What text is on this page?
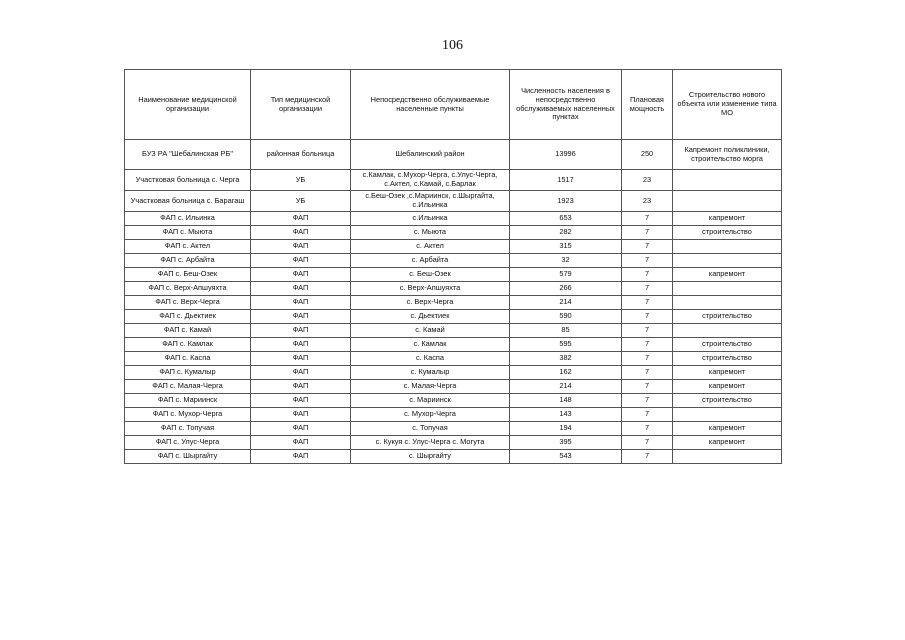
106
Наименование медицинской организации	Тип медицинской организации	Непосредственно обслуживаемые населенные пункты	Численность населения в непосредственно обслуживаемых населенных пунктах	Плановая мощность	Строительство нового объекта или изменение типа МО
БУЗ РА "Шебалинская РБ"	районная больница	Шебалинский район	13996	250	Капремонт поликлиники, строительство морга
Участковая больница с. Черга	УБ	с.Камлак, с.Мухор-Черга, с.Улус-Черга, с.Актел, с.Камай, с.Барлак	1517	23	
Участковая больница с. Барагаш	УБ	с.Беш-Озек ,с.Мариинск, с.Шыргайта, с.Ильинка	1923	23	
ФАП с. Ильинка	ФАП	с.Ильинка	653	7	капремонт
ФАП с. Мыюта	ФАП	с. Мыюта	282	7	строительство
ФАП с. Актел	ФАП	с. Актел	315	7	
ФАП с. Арбайта	ФАП	с. Арбайта	32	7	
ФАП с. Беш-Озек	ФАП	с. Беш-Озек	579	7	капремонт
ФАП с. Верх-Апшуяхта	ФАП	с. Верх-Апшуяхта	266	7	
ФАП с. Верх-Черга	ФАП	с. Верх-Черга	214	7	
ФАП с. Дьектиек	ФАП	с. Дьектиек	590	7	строительство
ФАП с. Камай	ФАП	с. Камай	85	7	
ФАП с. Камлак	ФАП	с. Камлак	595	7	строительство
ФАП с. Каспа	ФАП	с. Каспа	382	7	строительство
ФАП с. Кумалыр	ФАП	с. Кумалыр	162	7	капремонт
ФАП с. Малая-Черга	ФАП	с. Малая-Черга	214	7	капремонт
ФАП с. Мариинск	ФАП	с. Мариинск	148	7	строительство
ФАП с. Мухор-Черга	ФАП	с. Мухор-Черга	143	7	
ФАП с. Топучая	ФАП	с. Топучая	194	7	капремонт
ФАП с. Улус-Черга	ФАП	с. Кукуя с. Улус-Черга с. Могута	395	7	капремонт
ФАП с. Шыргайту	ФАП	с. Шыргайту	543	7	
